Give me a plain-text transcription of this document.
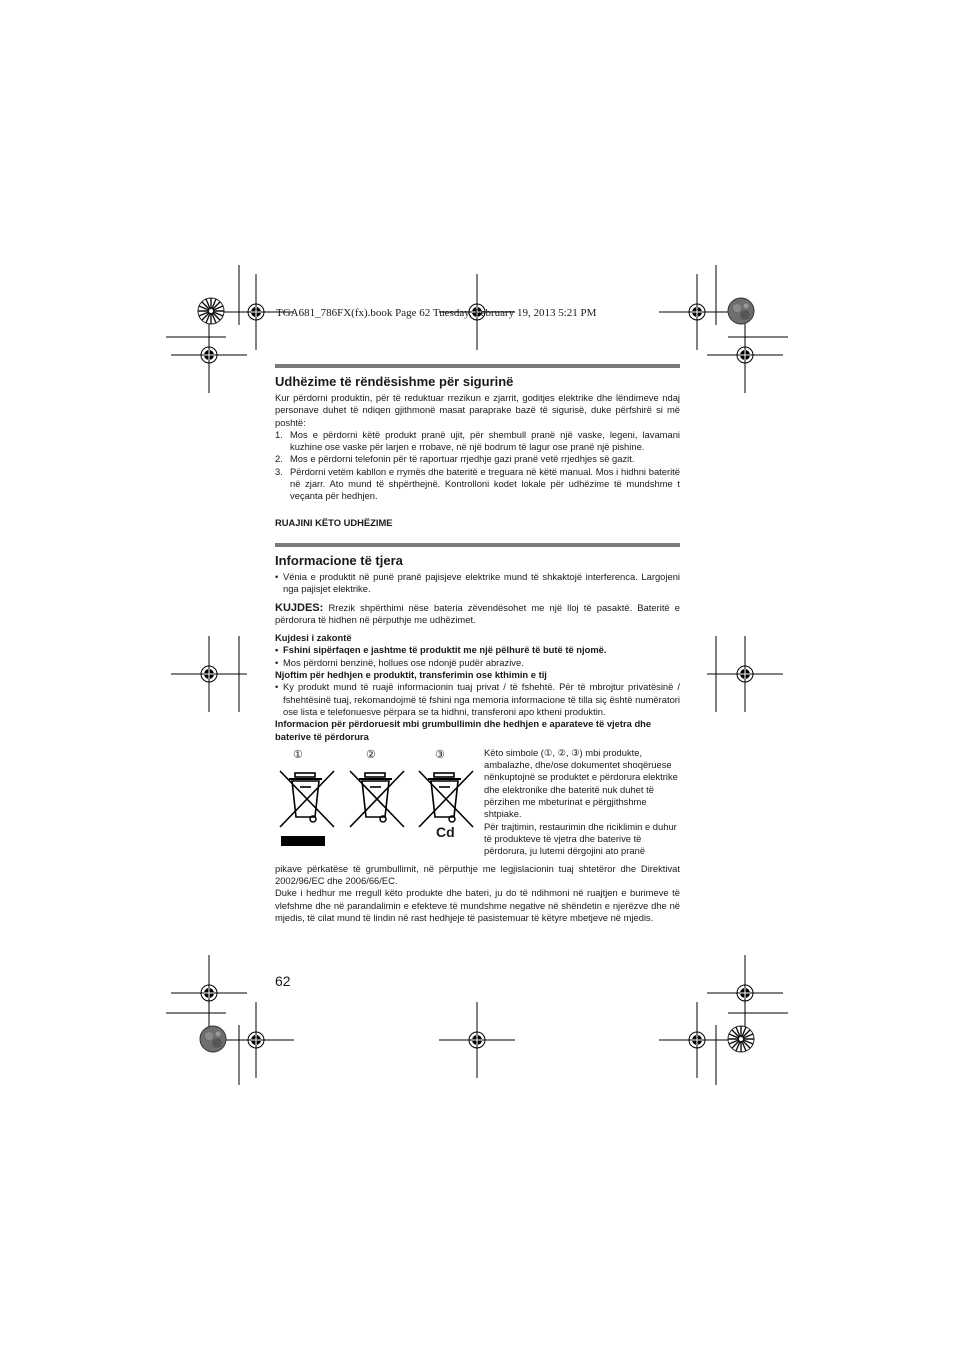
TGA681_786FX(fx).book Page 62 Tuesday, February 19, 2013 5:21 PM
Udhëzime të rëndësishme për sigurinë

Kur përdorni produktin, për të reduktuar rrezikun e zjarrit, goditjes elektrike dhe lëndimeve ndaj personave duhet të ndiqen gjithmonë masat paraprake bazë të sigurisë, duke përfshirë si më poshtë:

1. Mos e përdorni këtë produkt pranë ujit, për shembull pranë një vaske, legeni, lavamani kuzhine ose vaske për larjen e rrobave, në një bodrum të lagur ose pranë një pishine.
2. Mos e përdorni telefonin për të raportuar rrjedhje gazi pranë vetë rrjedhjes së gazit.
3. Përdorni vetëm kabllon e rrymës dhe bateritë e treguara në këtë manual. Mos i hidhni bateritë në zjarr. Ato mund të shpërthejnë. Kontrolloni kodet lokale për udhëzime të mundshme t veçanta për hedhjen.

RUAJINI KËTO UDHËZIME

Informacione të tjera
• Vënia e produktit në punë pranë pajisjeve elektrike mund të shkaktojë interferenca. Largojeni nga pajisjet elektrike.

KUJDES: Rrezik shpërthimi nëse bateria zëvendësohet me një lloj të pasaktë. Bateritë e përdorura të hidhen në përputhje me udhëzimet.

Kujdesi i zakontë

• Fshini sipërfaqen e jashtme të produktit me një pëlhurë të butë të njomë.
• Mos përdorni benzinë, hollues ose ndonjë pudër abrazive.

Njoftim për hedhjen e produktit, transferimin ose kthimin e tij

• Ky produkt mund të ruajë informacionin tuaj privat / të fshehtë. Për të mbrojtur privatësinë / fshehtësinë tuaj, rekomandojmë të fshini nga memoria informacione të tilla siç është numëratori ose lista e telefonuesve përpara se ta hidhni, transferoni apo ktheni produktin.

Informacion për përdoruesit mbi grumbullimin dhe hedhjen e aparateve të vjetra dhe baterive të përdorura

①	②	③
Cd

Këto simbole (①, ②, ③) mbi produkte, ambalazhe, dhe/ose dokumentet shoqëruese nënkuptojnë se produktet e përdorura elektrike dhe elektronike dhe bateritë nuk duhet të përzihen me mbeturinat e përgjithshme shtpiake.

Për trajtimin, restaurimin dhe riciklimin e duhur të produkteve të vjetra dhe baterive të përdorura, ju lutemi dërgojini ato pranë

pikave përkatëse të grumbullimit, në përputhje me legjislacionin tuaj shtetëror dhe Direktivat 2002/96/EC dhe 2006/66/EC.

Duke i hedhur me rregull këto produkte dhe bateri, ju do të ndihmoni në ruajtjen e burimeve të vlefshme dhe në parandalimin e efekteve të mundshme negative në shëndetin e njerëzve dhe në mjedis, të cilat mund të lindin në rast hedhjeje të pasistemuar të këtyre mbetjeve në mjedis.

62
